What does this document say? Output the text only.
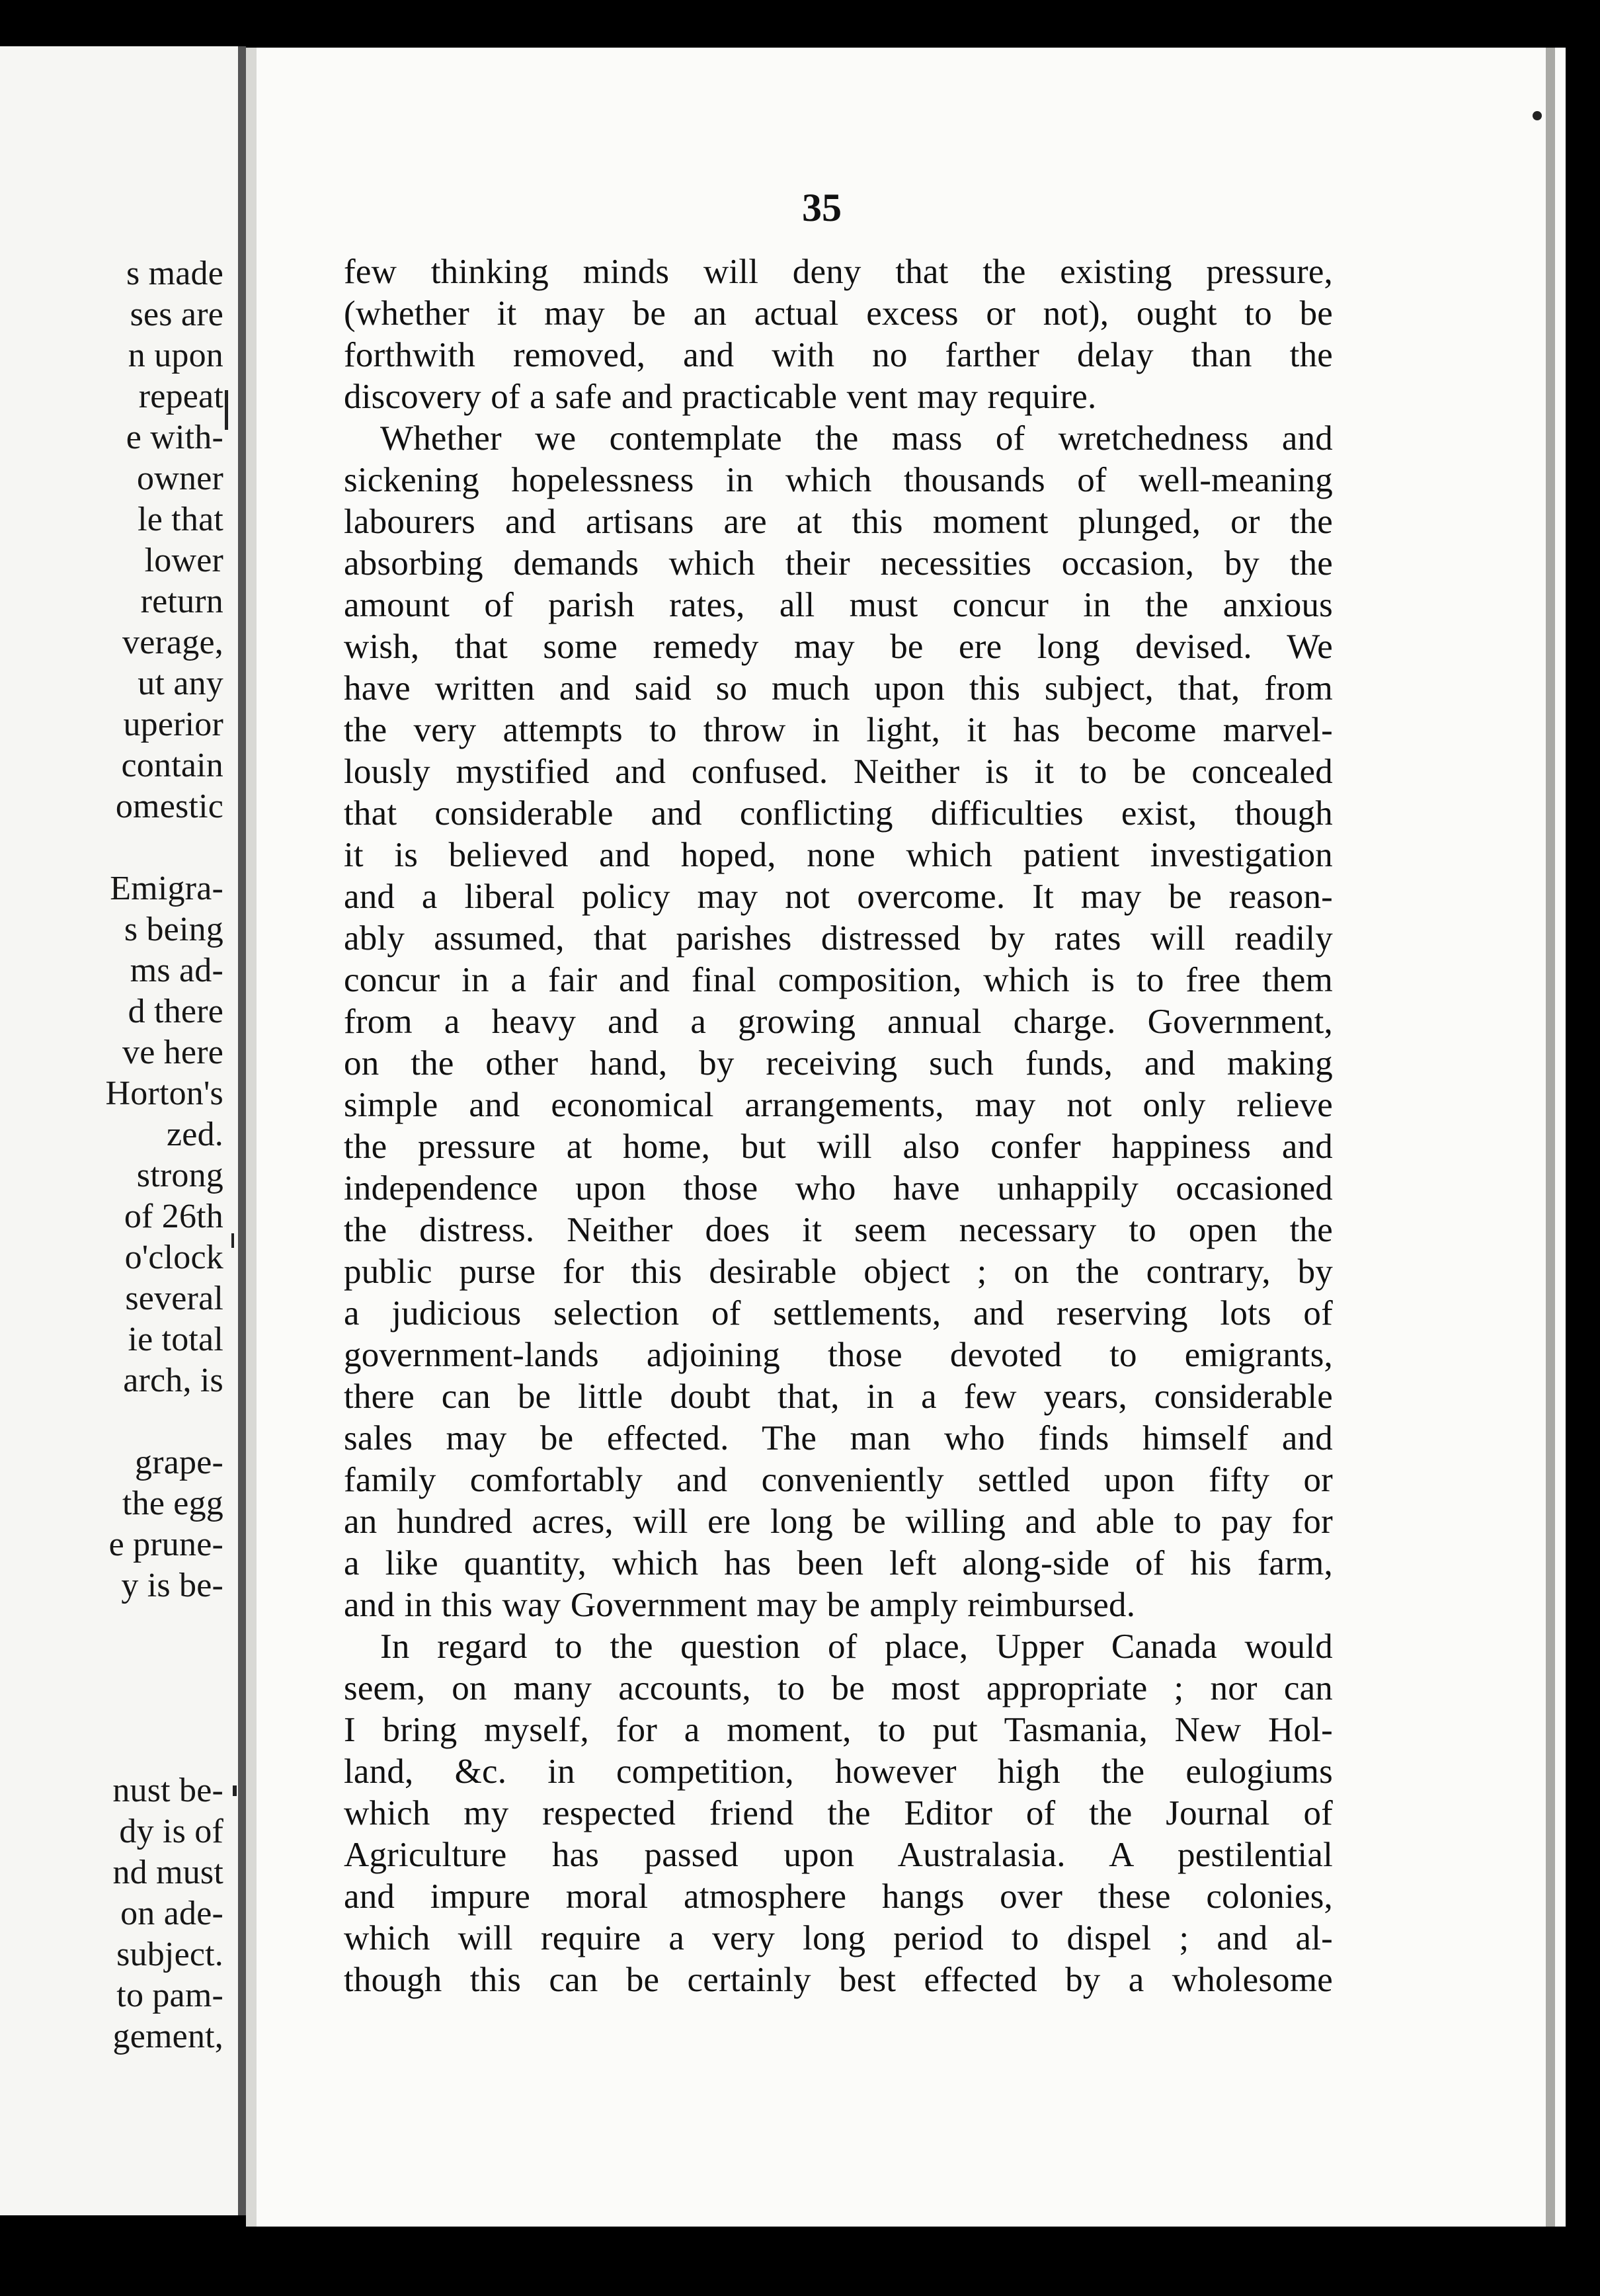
s made
ses are
n upon
repeat
e with-
owner
le that
lower
return
verage,
ut any
uperior
contain
omestic
Emigra-
s being
ms ad-
d there
ve here
Horton's
zed.
strong
of 26th
o'clock
several
ie total
arch, is
grape-
the egg
e prune-
y is be-
nust be-
dy is of
nd must
on ade-
subject.
to pam-
gement,
35
few thinking minds will deny that the existing pressure,
(whether it may be an actual excess or not), ought to be
forthwith removed, and with no farther delay than the
discovery of a safe and practicable vent may require.
Whether we contemplate the mass of wretchedness and
sickening hopelessness in which thousands of well-meaning
labourers and artisans are at this moment plunged, or the
absorbing demands which their necessities occasion, by the
amount of parish rates, all must concur in the anxious
wish, that some remedy may be ere long devised. We
have written and said so much upon this subject, that, from
the very attempts to throw in light, it has become marvel-
lously mystified and confused. Neither is it to be concealed
that considerable and conflicting difficulties exist, though
it is believed and hoped, none which patient investigation
and a liberal policy may not overcome. It may be reason-
ably assumed, that parishes distressed by rates will readily
concur in a fair and final composition, which is to free them
from a heavy and a growing annual charge. Government,
on the other hand, by receiving such funds, and making
simple and economical arrangements, may not only relieve
the pressure at home, but will also confer happiness and
independence upon those who have unhappily occasioned
the distress. Neither does it seem necessary to open the
public purse for this desirable object ; on the contrary, by
a judicious selection of settlements, and reserving lots of
government-lands adjoining those devoted to emigrants,
there can be little doubt that, in a few years, considerable
sales may be effected. The man who finds himself and
family comfortably and conveniently settled upon fifty or
an hundred acres, will ere long be willing and able to pay for
a like quantity, which has been left along-side of his farm,
and in this way Government may be amply reimbursed.
In regard to the question of place, Upper Canada would
seem, on many accounts, to be most appropriate ; nor can
I bring myself, for a moment, to put Tasmania, New Hol-
land, &c. in competition, however high the eulogiums
which my respected friend the Editor of the Journal of
Agriculture has passed upon Australasia. A pestilential
and impure moral atmosphere hangs over these colonies,
which will require a very long period to dispel ; and al-
though this can be certainly best effected by a wholesome
